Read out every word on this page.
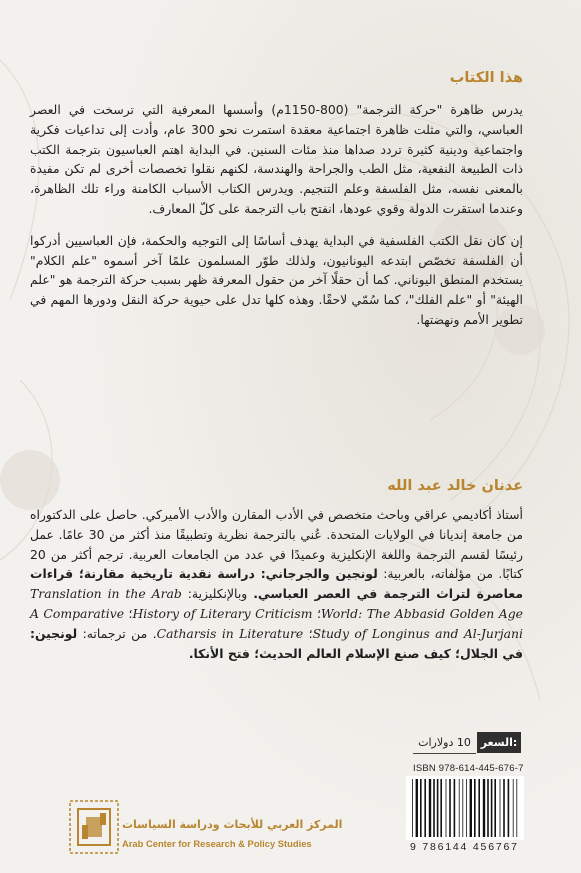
هذا الكتاب

يدرس ظاهرة "حركة الترجمة" (800-1150م) وأسسها المعرفية التي ترسخت في العصر العباسي، والتي مثلت ظاهرة اجتماعية معقدة استمرت نحو 300 عام، وأدت إلى تداعيات فكرية واجتماعية ودينية كثيرة تردد صداها منذ مئات السنين. في البداية اهتم العباسيون بترجمة الكتب ذات الطبيعة النفعية، مثل الطب والجراحة والهندسة، لكنهم نقلوا تخصصات أخرى لم تكن مفيدة بالمعنى نفسه، مثل الفلسفة وعلم التنجيم. ويدرس الكتاب الأسباب الكامنة وراء تلك الظاهرة، وعندما استقرت الدولة وقوي عودها، انفتح باب الترجمة على كلّ المعارف.

إن كان نقل الكتب الفلسفية في البداية يهدف أساسًا إلى التوجيه والحكمة، فإن العباسيين أدركوا أن الفلسفة تخصّص ابتدعه اليونانيون، ولذلك طوّر المسلمون علمًا آخر أسموه "علم الكلام" يستخدم المنطق اليوناني. كما أن حقلًا آخر من حقول المعرفة ظهر بسبب حركة الترجمة هو "علم الهيئة" أو "علم الفلك"، كما سُمّي لاحقًا. وهذه كلها تدل على حيوية حركة النقل ودورها المهم في تطوير الأمم ونهضتها.

عدنان خالد عبد الله

أستاذ أكاديمي عراقي وباحث متخصص في الأدب المقارن والأدب الأميركي. حاصل على الدكتوراه من جامعة إنديانا في الولايات المتحدة. عُني بالترجمة نظرية وتطبيقًا منذ أكثر من 30 عامًا. عمل رئيسًا لقسم الترجمة واللغة الإنكليزية وعميدًا في عدد من الجامعات العربية. ترجم أكثر من 20 كتابًا. من مؤلفاته، بالعربية: لونجين والجرجاني: دراسة نقدية تاريخية مقارنة؛ قراءات معاصرة لتراث الترجمة في العصر العباسي. وبالإنكليزية: Translation in the Arab World: The Abbasid Golden Age؛ History of Literary Criticism؛ A Comparative Study of Longinus and Al-Jurjani؛ Catharsis in Literature. من ترجماته: لونجين: في الجلال؛ كيف صنع الإسلام العالم الحديث؛ فتح الأنكا.

السعر:
10 دولارات
ISBN 978-614-445-676-7
9 786144 456767
المركز العربي للأبحاث ودراسة السياسات
Arab Center for Research & Policy Studies
